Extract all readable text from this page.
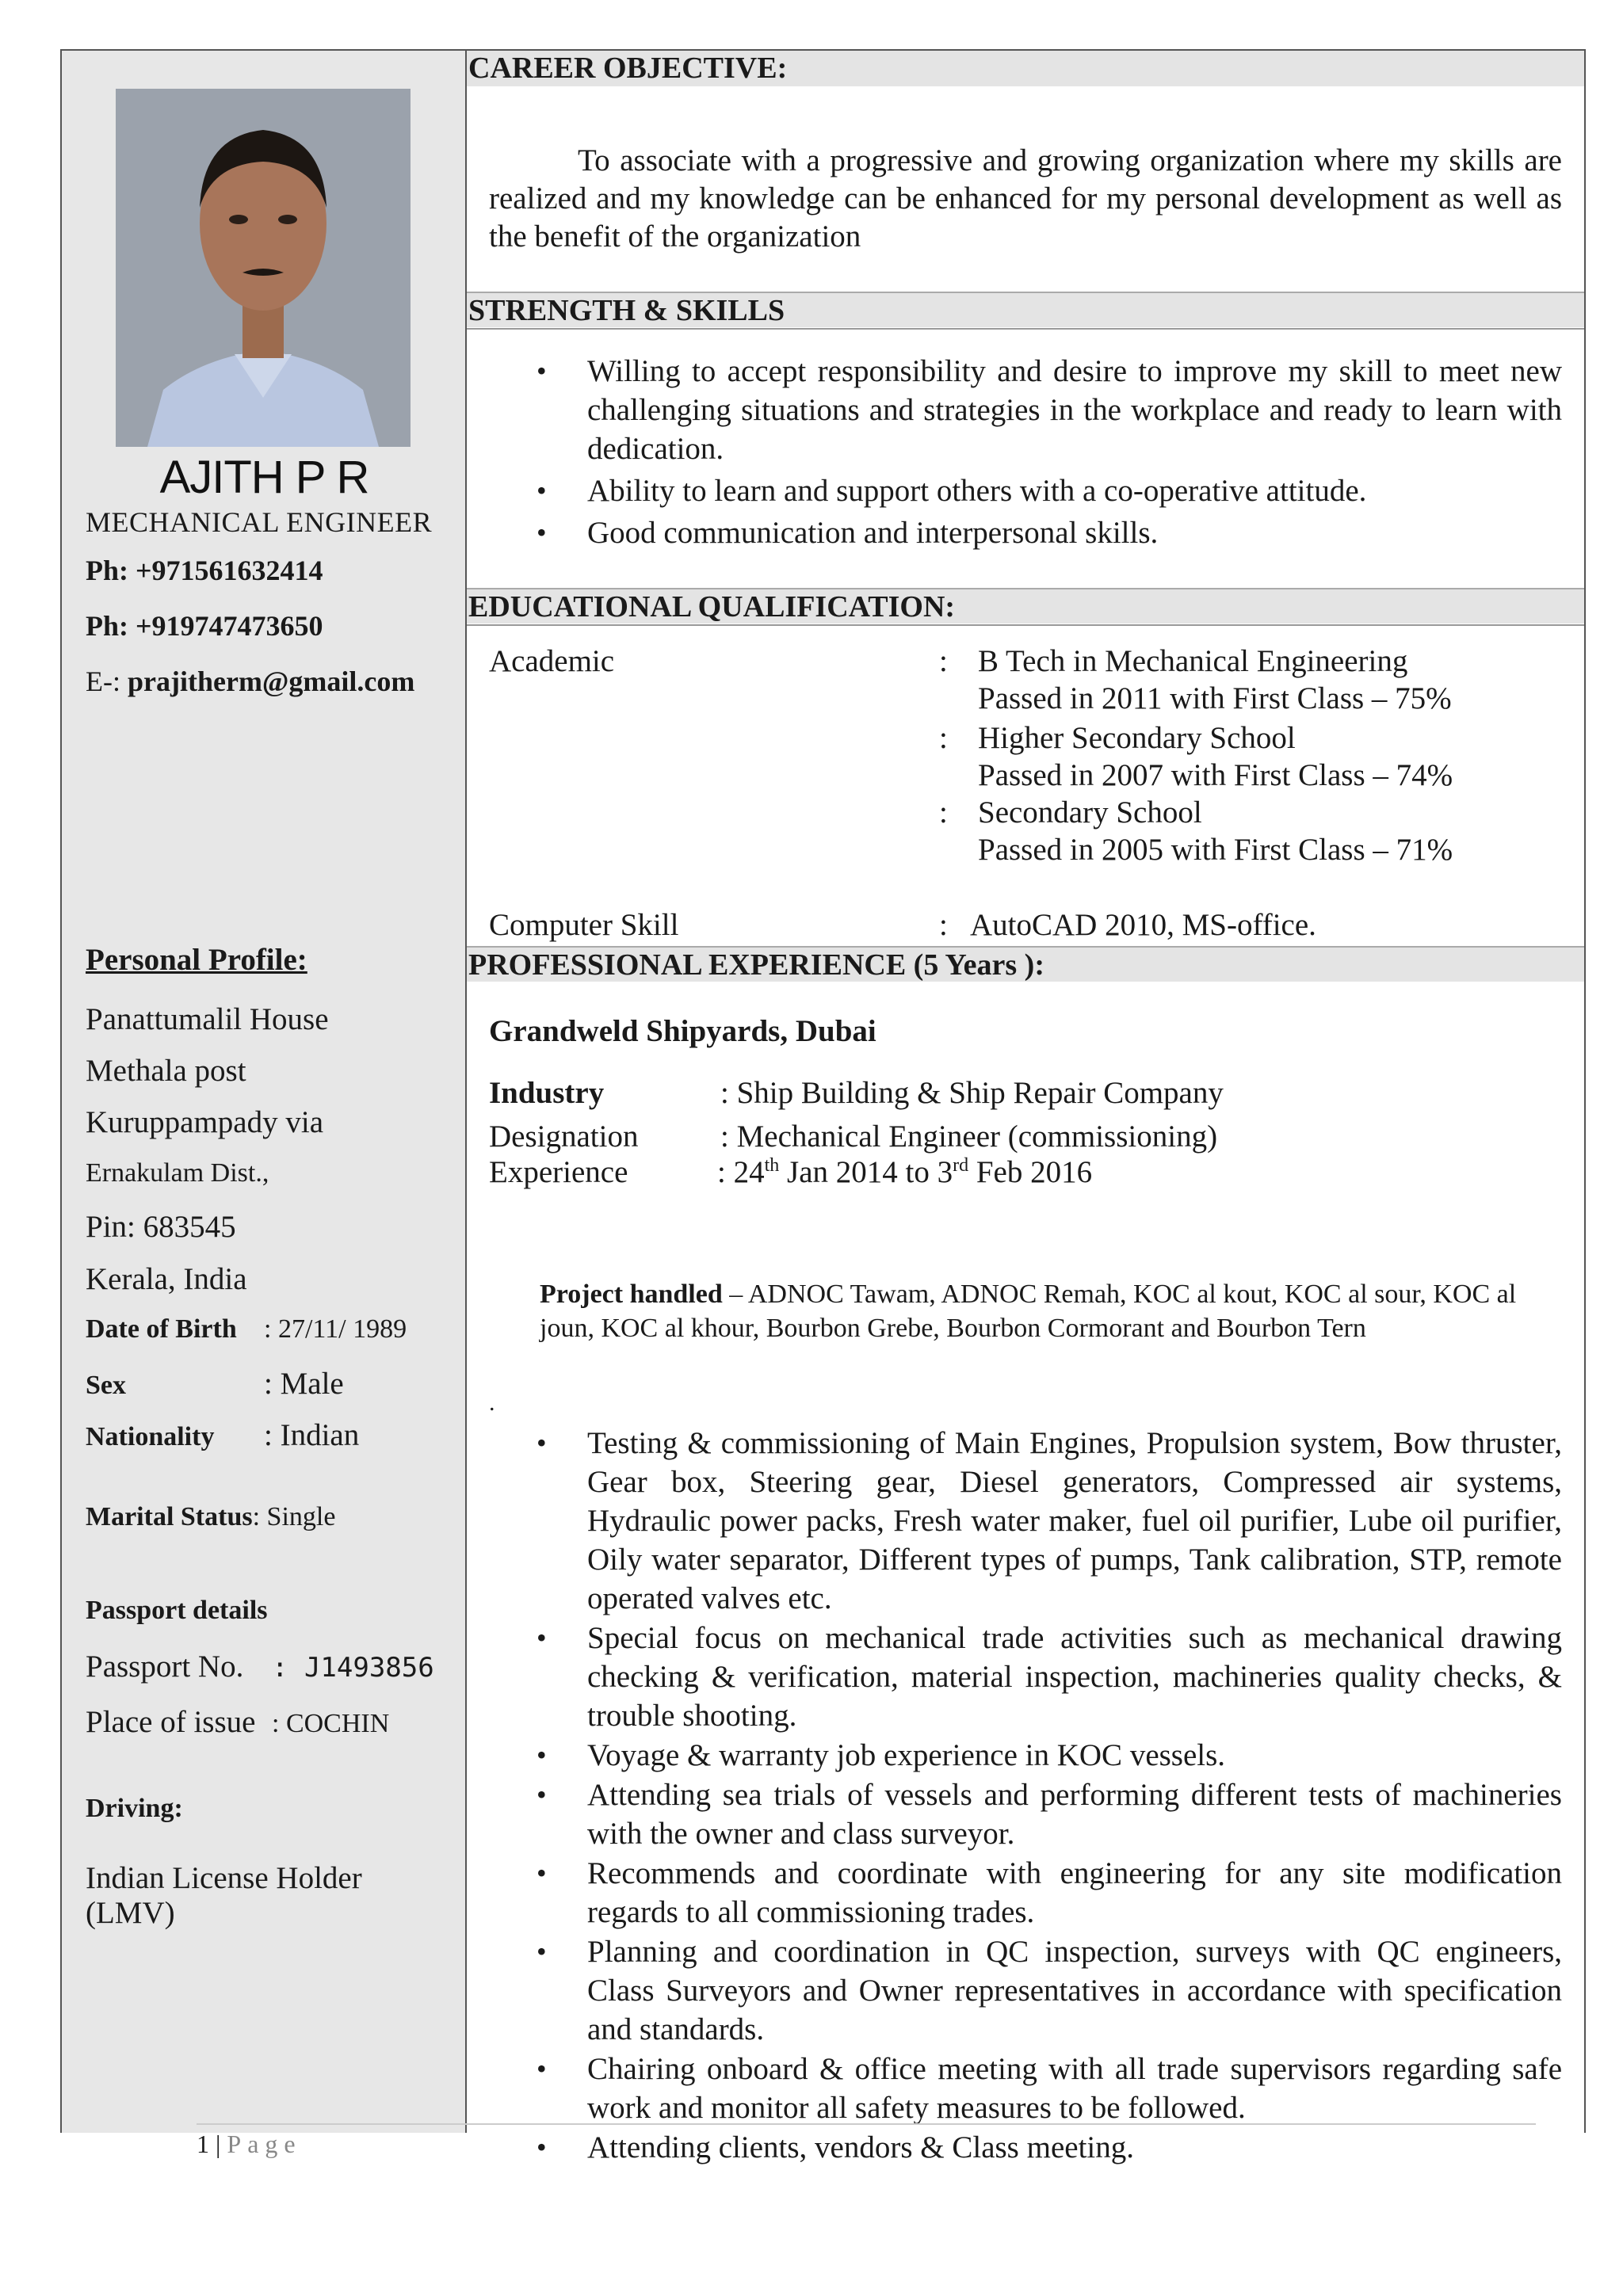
AJITH P R
MECHANICAL ENGINEER
Ph: +971561632414
Ph: +919747473650
E-: prajitherm@gmail.com
Personal Profile:
Panattumalil House
Methala post
Kuruppampady via
Ernakulam Dist.,
Pin: 683545
Kerala, India
Date of Birth : 27/11/ 1989
Sex	: Male
Nationality : Indian
Marital Status: Single
Passport details
Passport No. : J1493856
Place of issue : COCHIN
Driving:
Indian License Holder
(LMV)
CAREER OBJECTIVE:
To associate with a progressive and growing organization where my skills are realized and my knowledge can be enhanced for my personal development as well as the benefit of the organization
STRENGTH & SKILLS
• Willing to accept responsibility and desire to improve my skill to meet new challenging situations and strategies in the workplace and ready to learn with dedication.
• Ability to learn and support others with a co-operative attitude.
• Good communication and interpersonal skills.
EDUCATIONAL QUALIFICATION:
Academic	: B Tech in Mechanical Engineering
Passed in 2011 with First Class – 75%
: Higher Secondary School
Passed in 2007 with First Class – 74%
: Secondary School
Passed in 2005 with First Class – 71%
Computer Skill	: AutoCAD 2010, MS-office.
PROFESSIONAL EXPERIENCE (5 Years ):
Grandweld Shipyards, Dubai
Industry	: Ship Building & Ship Repair Company
Designation	: Mechanical Engineer (commissioning)
Experience	: 24th Jan 2014 to 3rd Feb 2016
Project handled – ADNOC Tawam, ADNOC Remah, KOC al kout, KOC al sour, KOC al joun, KOC al khour, Bourbon Grebe, Bourbon Cormorant and Bourbon Tern
.
• Testing & commissioning of Main Engines, Propulsion system, Bow thruster, Gear box, Steering gear, Diesel generators, Compressed air systems, Hydraulic power packs, Fresh water maker, fuel oil purifier, Lube oil purifier, Oily water separator, Different types of pumps, Tank calibration, STP, remote operated valves etc.
• Special focus on mechanical trade activities such as mechanical drawing checking & verification, material inspection, machineries quality checks, & trouble shooting.
• Voyage & warranty job experience in KOC vessels.
• Attending sea trials of vessels and performing different tests of machineries with the owner and class surveyor.
• Recommends and coordinate with engineering for any site modification regards to all commissioning trades.
• Planning and coordination in QC inspection, surveys with QC engineers, Class Surveyors and Owner representatives in accordance with specification and standards.
• Chairing onboard & office meeting with all trade supervisors regarding safe work and monitor all safety measures to be followed.
• Attending clients, vendors & Class meeting.
1 | Page
